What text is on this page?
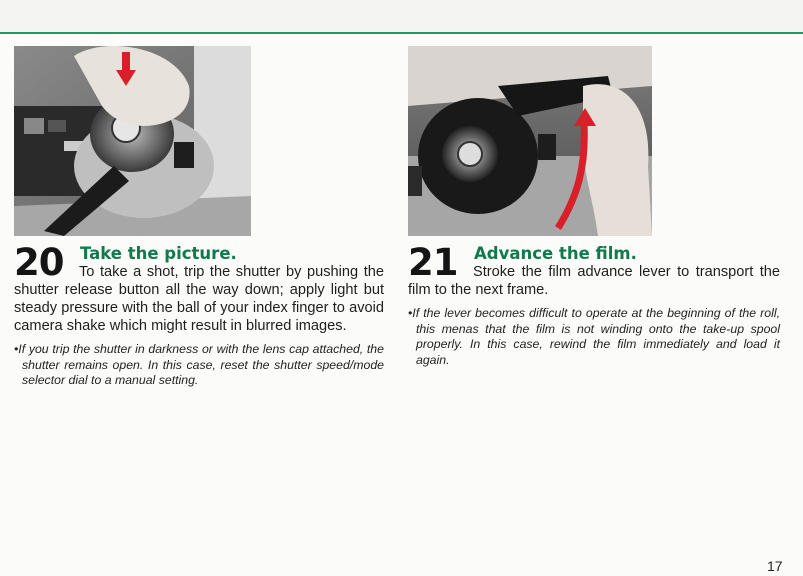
20 Take the picture.

To take a shot, trip the shutter by pushing the shutter release button all the way down; apply light but steady pressure with the ball of your index finger to avoid camera shake which might result in blurred images.

•If you trip the shutter in darkness or with the lens cap attached, the shutter remains open. In this case, reset the shutter speed/mode selector dial to a manual setting.

21 Advance the film.

Stroke the film advance lever to transport the film to the next frame.

•If the lever becomes difficult to operate at the beginning of the roll, this menas that the film is not winding onto the take-up spool properly. In this case, rewind the film immediately and load it again.

17
